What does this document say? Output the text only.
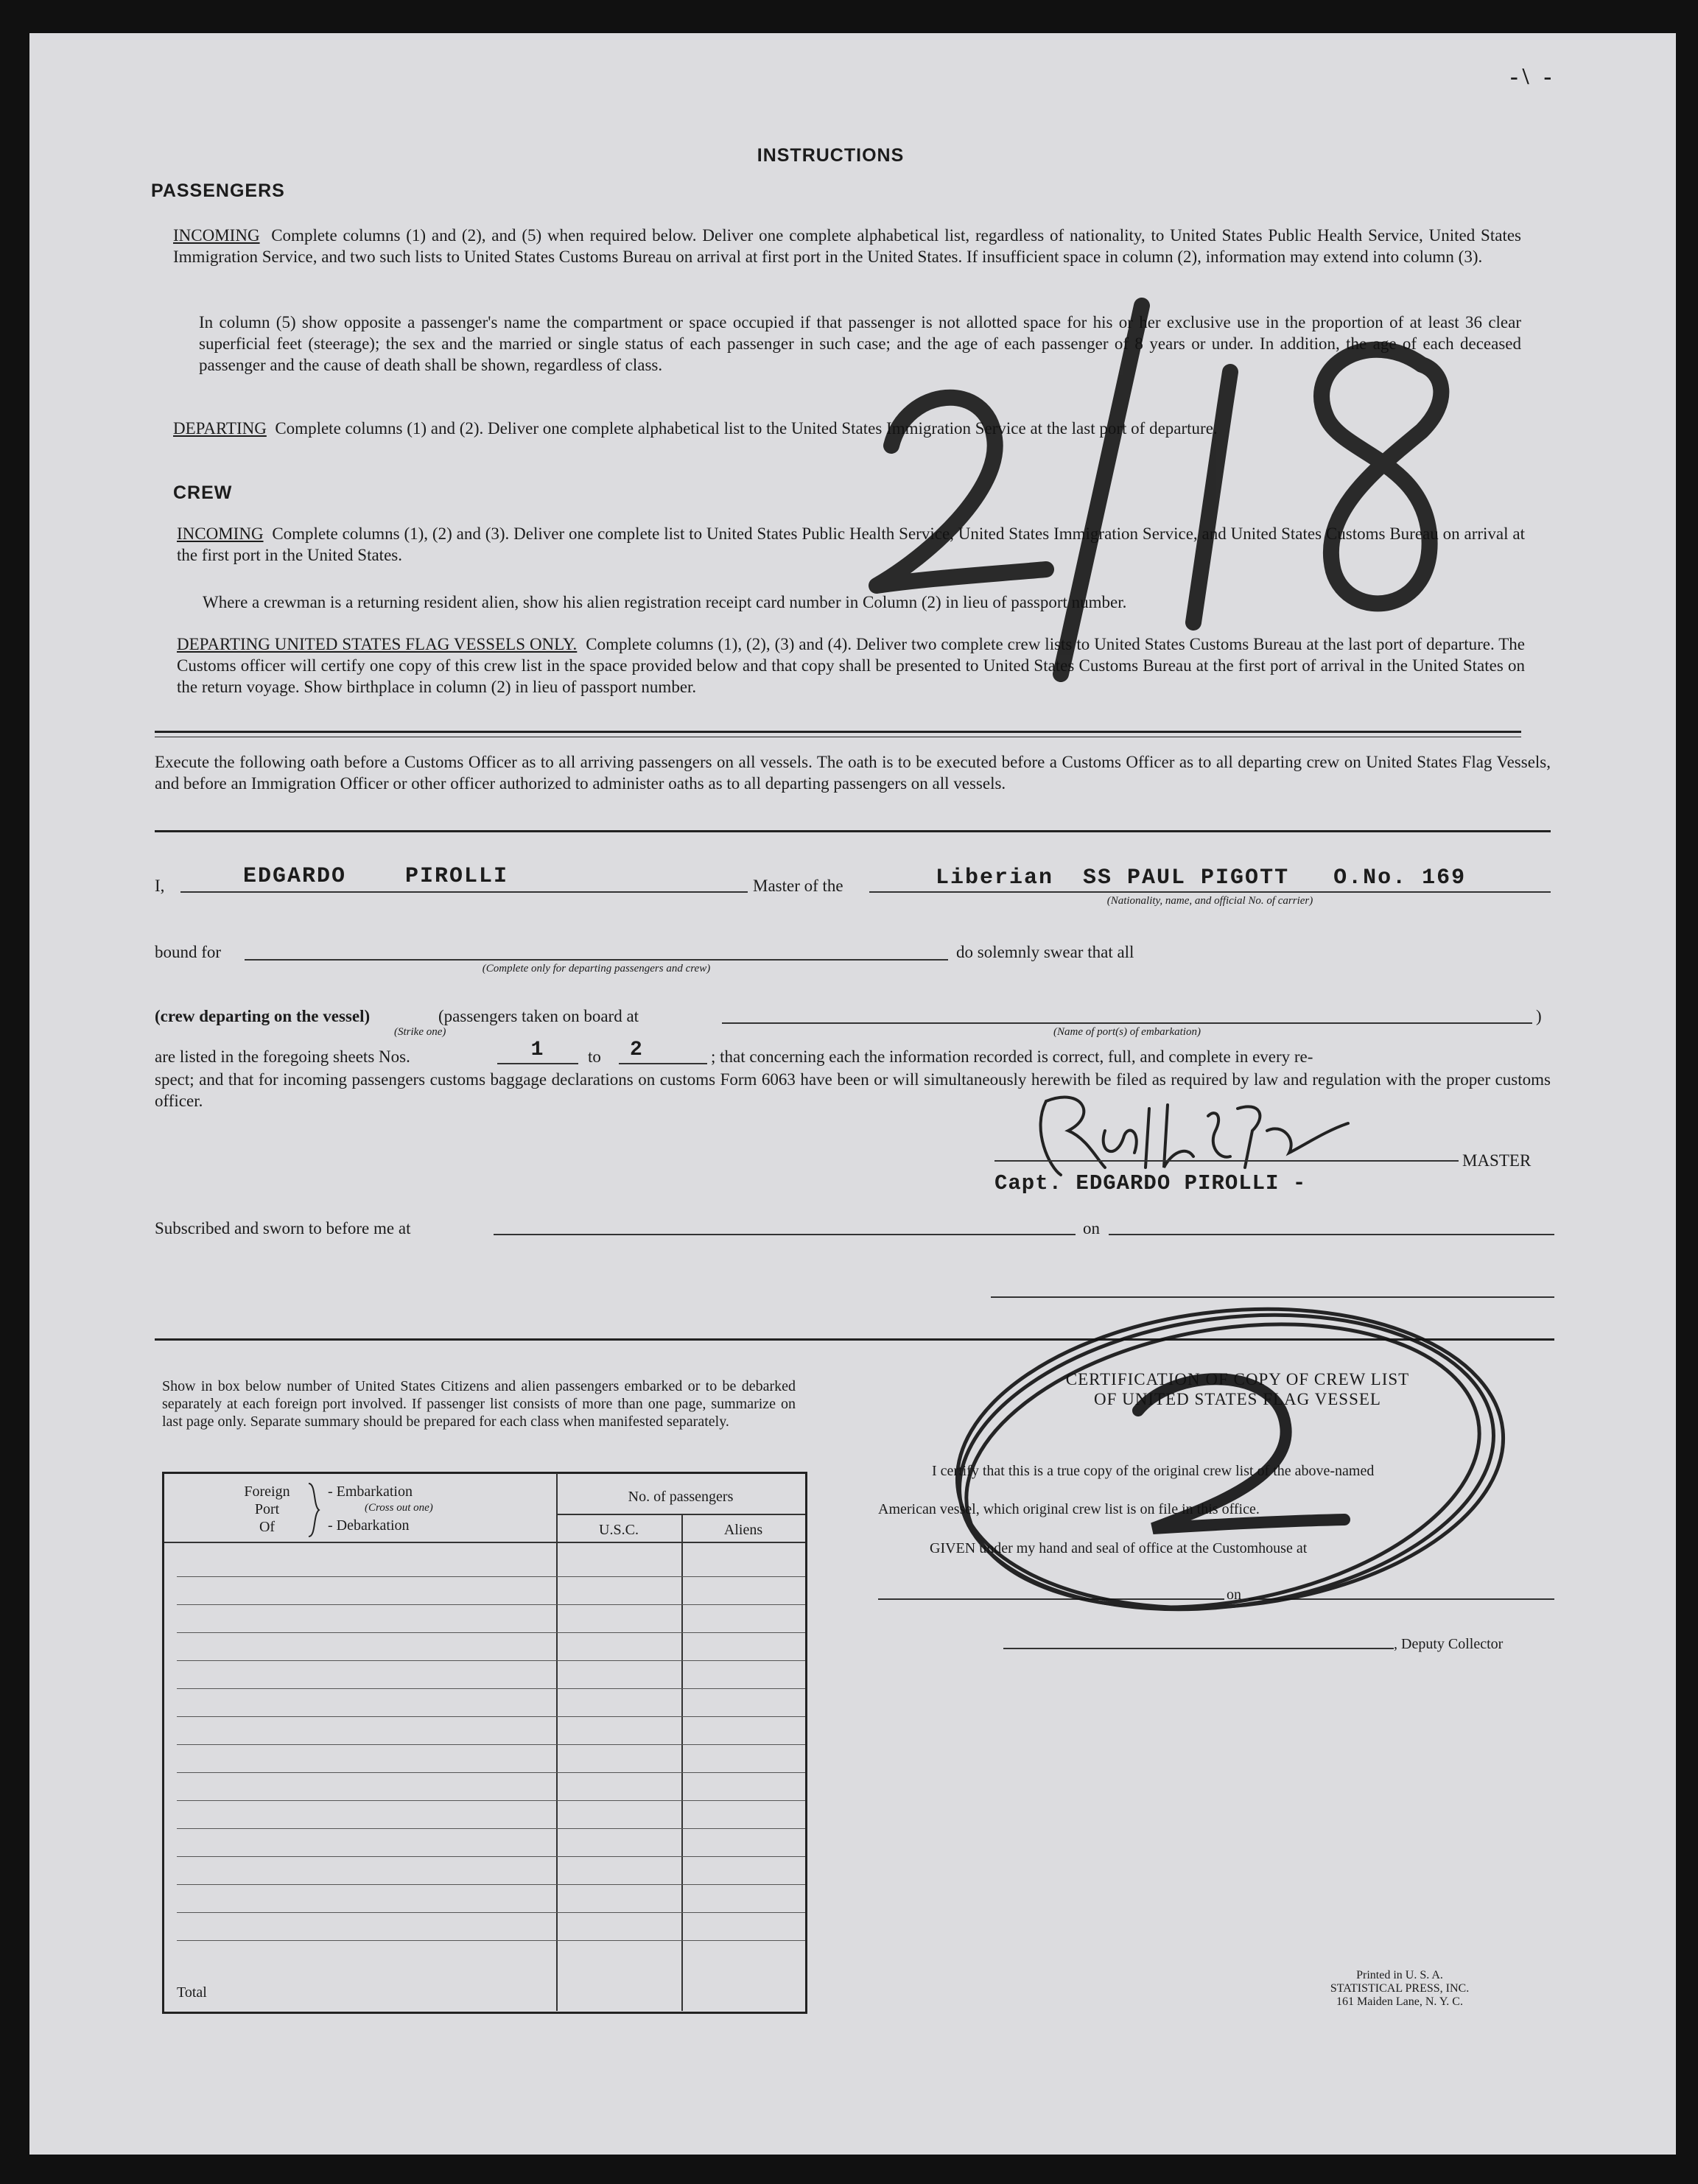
INSTRUCTIONS
PASSENGERS
INCOMING Complete columns (1) and (2), and (5) when required below. Deliver one complete alphabetical list, regardless of nationality, to United States Public Health Service, United States Immigration Service, and two such lists to United States Customs Bureau on arrival at first port in the United States. If insufficient space in column (2), information may extend into column (3).
In column (5) show opposite a passenger's name the compartment or space occupied if that passenger is not allotted space for his or her exclusive use in the proportion of at least 36 clear superficial feet (steerage); the sex and the married or single status of each passenger in such case; and the age of each passenger of 8 years or under. In addition, the age of each deceased passenger and the cause of death shall be shown, regardless of class.
DEPARTING Complete columns (1) and (2). Deliver one complete alphabetical list to the United States Immigration Service at the last port of departure.
CREW
INCOMING Complete columns (1), (2) and (3). Deliver one complete list to United States Public Health Service, United States Immigration Service, and United States Customs Bureau on arrival at the first port in the United States.
Where a crewman is a returning resident alien, show his alien registration receipt card number in Column (2) in lieu of passport number.
DEPARTING UNITED STATES FLAG VESSELS ONLY. Complete columns (1), (2), (3) and (4). Deliver two complete crew lists to United States Customs Bureau at the last port of departure. The Customs officer will certify one copy of this crew list in the space provided below and that copy shall be presented to United States Customs Bureau at the first port of arrival in the United States on the return voyage. Show birthplace in column (2) in lieu of passport number.
Execute the following oath before a Customs Officer as to all arriving passengers on all vessels. The oath is to be executed before a Customs Officer as to all departing crew on United States Flag Vessels, and before an Immigration Officer or other officer authorized to administer oaths as to all departing passengers on all vessels.
I,	EDGARDO    PIROLLI	Master of the	Liberian  SS PAUL PIGOTT   O.No. 169
(Nationality, name, and official No. of carrier)
bound for
(Complete only for departing passengers and crew)
do solemnly swear that all
(crew departing on the vessel)
(Strike one)
(passengers taken on board at	)
(Name of port(s) of embarkation)
are listed in the foregoing sheets Nos.	1	to 2	; that concerning each the information recorded is correct, full, and complete in every re-
spect; and that for incoming passengers customs baggage declarations on customs Form 6063 have been or will simultaneously herewith be filed as required by law and regulation with the proper customs officer.
MASTER
Capt. EDGARDO PIROLLI -
Subscribed and sworn to before me at	on
Show in box below number of United States Citizens and alien passengers embarked or to be debarked separately at each foreign port involved. If passenger list consists of more than one page, summarize on last page only. Separate summary should be prepared for each class when manifested separately.
Foreign
Port
Of
- Embarkation
(Cross out one)
- Debarkation
No. of passengers
U.S.C.	Aliens
Total
CERTIFICATION OF COPY OF CREW LIST
OF UNITED STATES FLAG VESSEL
I certify that this is a true copy of the original crew list of the above-named
American vessel, which original crew list is on file in this office.
GIVEN under my hand and seal of office at the Customhouse at
on
, Deputy Collector
Printed in U. S. A.
STATISTICAL PRESS, INC.
161 Maiden Lane, N. Y. C.
-\ -
